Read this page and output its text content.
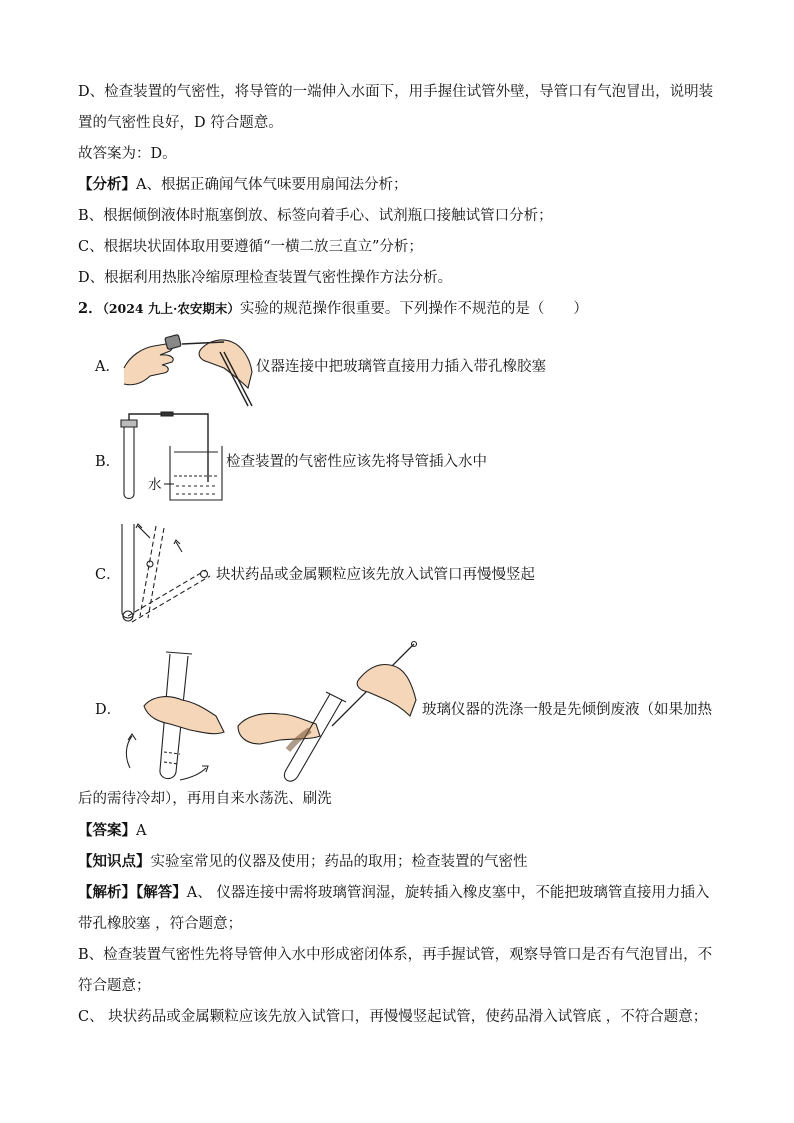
D、检查装置的气密性，将导管的一端伸入水面下，用手握住试管外壁，导管口有气泡冒出，说明装
置的气密性良好，D 符合题意。
故答案为：D。
【分析】A、根据正确闻气体气味要用扇闻法分析；
B、根据倾倒液体时瓶塞倒放、标签向着手心、试剂瓶口接触试管口分析；
C、根据块状固体取用要遵循“一横二放三直立”分析；
D、根据利用热胀冷缩原理检查装置气密性操作方法分析。
2．（2024 九上·农安期末）实验的规范操作很重要。下列操作不规范的是（　　）
A．	仪器连接中把玻璃管直接用力插入带孔橡胶塞
B．
水
检查装置的气密性应该先将导管插入水中
C．	块状药品或金属颗粒应该先放入试管口再慢慢竖起
D．	玻璃仪器的洗涤一般是先倾倒废液（如果加热
后的需待冷却），再用自来水荡洗、刷洗
【答案】A
【知识点】实验室常见的仪器及使用；药品的取用；检查装置的气密性
【解析】【解答】A、 仪器连接中需将玻璃管润湿，旋转插入橡皮塞中，不能把玻璃管直接用力插入
带孔橡胶塞 ，符合题意；
B、检查装置气密性先将导管伸入水中形成密闭体系，再手握试管，观察导管口是否有气泡冒出，不
符合题意；
C、 块状药品或金属颗粒应该先放入试管口，再慢慢竖起试管，使药品滑入试管底 ，不符合题意；
